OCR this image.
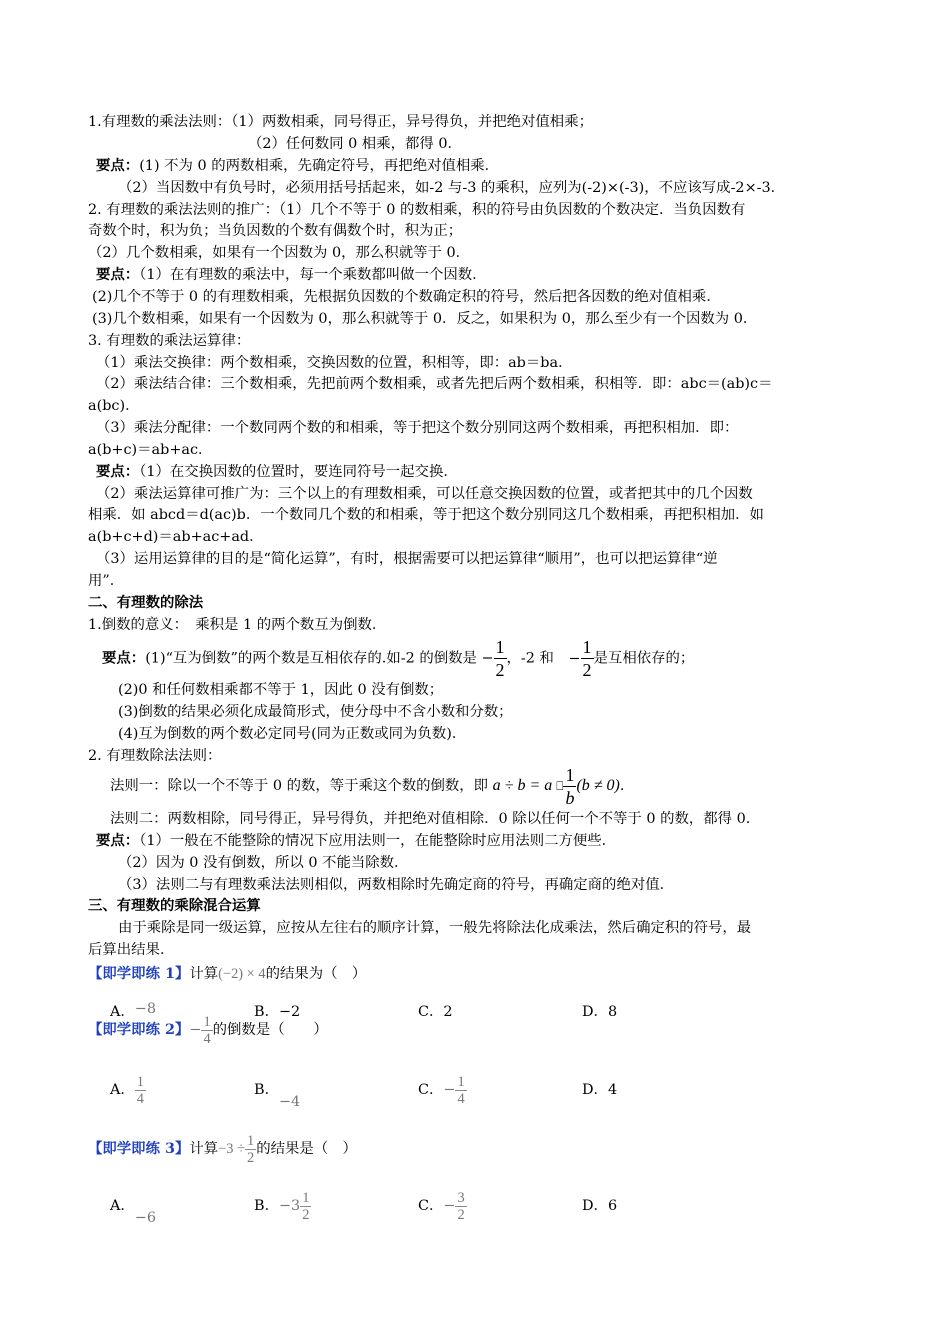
1.有理数的乘法法则：（1）两数相乘，同号得正，异号得负，并把绝对值相乘；
（2）任何数同 0 相乘，都得 0．
要点：(1) 不为 0 的两数相乘，先确定符号，再把绝对值相乘．
（2）当因数中有负号时，必须用括号括起来，如-2 与-3 的乘积，应列为(-2)×(-3)，不应该写成-2×-3．
2. 有理数的乘法法则的推广：（1）几个不等于 0 的数相乘，积的符号由负因数的个数决定．当负因数有
奇数个时，积为负；当负因数的个数有偶数个时，积为正；
（2）几个数相乘，如果有一个因数为 0，那么积就等于 0．
要点：（1）在有理数的乘法中，每一个乘数都叫做一个因数．
(2)几个不等于 0 的有理数相乘，先根据负因数的个数确定积的符号，然后把各因数的绝对值相乘．
(3)几个数相乘，如果有一个因数为 0，那么积就等于 0．反之，如果积为 0，那么至少有一个因数为 0．
3. 有理数的乘法运算律：
（1）乘法交换律：两个数相乘，交换因数的位置，积相等，即：ab＝ba．
（2）乘法结合律：三个数相乘，先把前两个数相乘，或者先把后两个数相乘，积相等．即：abc＝(ab)c＝
a(bc)．
（3）乘法分配律：一个数同两个数的和相乘，等于把这个数分别同这两个数相乘，再把积相加．即：
a(b+c)＝ab+ac．
要点：（1）在交换因数的位置时，要连同符号一起交换．
（2）乘法运算律可推广为：三个以上的有理数相乘，可以任意交换因数的位置，或者把其中的几个因数
相乘．如 abcd＝d(ac)b．一个数同几个数的和相乘，等于把这个数分别同这几个数相乘，再把积相加．如
a(b+c+d)＝ab+ac+ad．
（3）运用运算律的目的是“简化运算”，有时，根据需要可以把运算律“顺用”，也可以把运算律“逆
用”．
二、有理数的除法
1.倒数的意义：　乘积是 1 的两个数互为倒数．
要点：(1)“互为倒数”的两个数是互相依存的.如-2 的倒数是 − $\frac{1}{2}$ ，-2 和 − $\frac{1}{2}$ 是互相依存的；
(2)0 和任何数相乘都不等于 1，因此 0 没有倒数；
(3)倒数的结果必须化成最简形式，使分母中不含小数和分数；
(4)互为倒数的两个数必定同号(同为正数或同为负数)．
2. 有理数除法法则：
法则一：除以一个不等于 0 的数，等于乘这个数的倒数，即 a ÷ b = a ⎕ $\frac{1}{b} (b \ne 0)$.
法则二：两数相除，同号得正，异号得负，并把绝对值相除．0 除以任何一个不等于 0 的数，都得 0.
要点：（1）一般在不能整除的情况下应用法则一，在能整除时应用法则二方便些．
（2）因为 0 没有倒数，所以 0 不能当除数．
（3）法则二与有理数乘法法则相似，两数相除时先确定商的符号，再确定商的绝对值．
三、有理数的乘除混合运算
由于乘除是同一级运算，应按从左往右的顺序计算，一般先将除法化成乘法，然后确定积的符号，最
后算出结果．
【即学即练 1】计算(−2) × 4的结果为（　）
A．−8	B．−2	C．2	D．8
【即学即练 2】− $\frac{1}{4}$ 的倒数是（　　）
A． $\frac{1}{4}$	B．−4
C．− $\frac{1}{4}$	D．4
【即学即练 3】计算$-3 \div \frac{1}{2}$ 的结果是（　）
A．−6
B．$-3 \frac{1}{2}$	C．− $\frac{3}{2}$	D．6
